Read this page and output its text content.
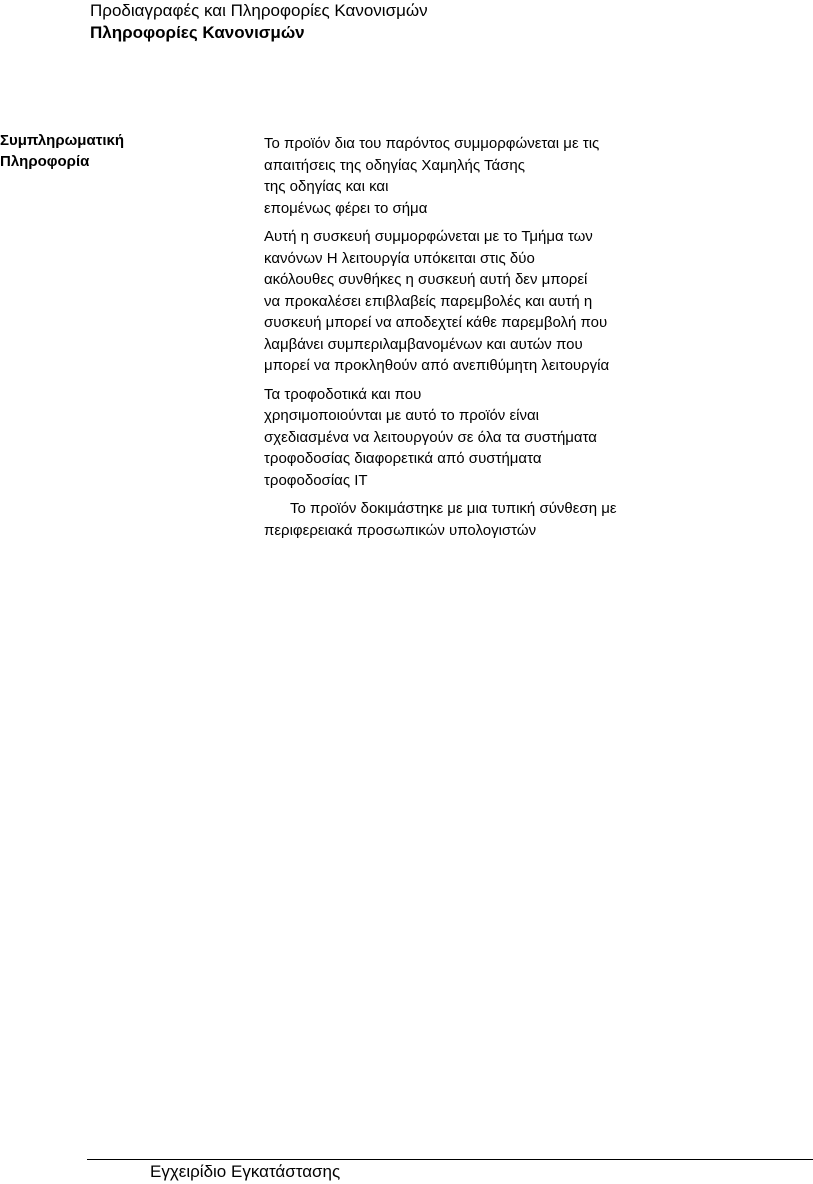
Προδιαγραφές και Πληροφορίες Κανονισμών
Πληροφορίες Κανονισμών
Συμπληρωματική
Πληροφορία
Το προϊόν δια του παρόντος συμμορφώνεται με τις
απαιτήσεις της οδηγίας Χαμηλής Τάσης
της οδηγίας και και
επομένως φέρει το σήμα
Αυτή η συσκευή συμμορφώνεται με το Τμήμα των
κανόνων Η λειτουργία υπόκειται στις δύο
ακόλουθες συνθήκες η συσκευή αυτή δεν μπορεί
να προκαλέσει επιβλαβείς παρεμβολές και αυτή η
συσκευή μπορεί να αποδεχτεί κάθε παρεμβολή που
λαμβάνει συμπεριλαμβανομένων και αυτών που
μπορεί να προκληθούν από ανεπιθύμητη λειτουργία
Τα τροφοδοτικά και που
χρησιμοποιούνται με αυτό το προϊόν είναι
σχεδιασμένα να λειτουργούν σε όλα τα συστήματα
τροφοδοσίας διαφορετικά από συστήματα
τροφοδοσίας IT
Το προϊόν δοκιμάστηκε με μια τυπική σύνθεση με
περιφερειακά προσωπικών υπολογιστών
Εγχειρίδιο Εγκατάστασης
